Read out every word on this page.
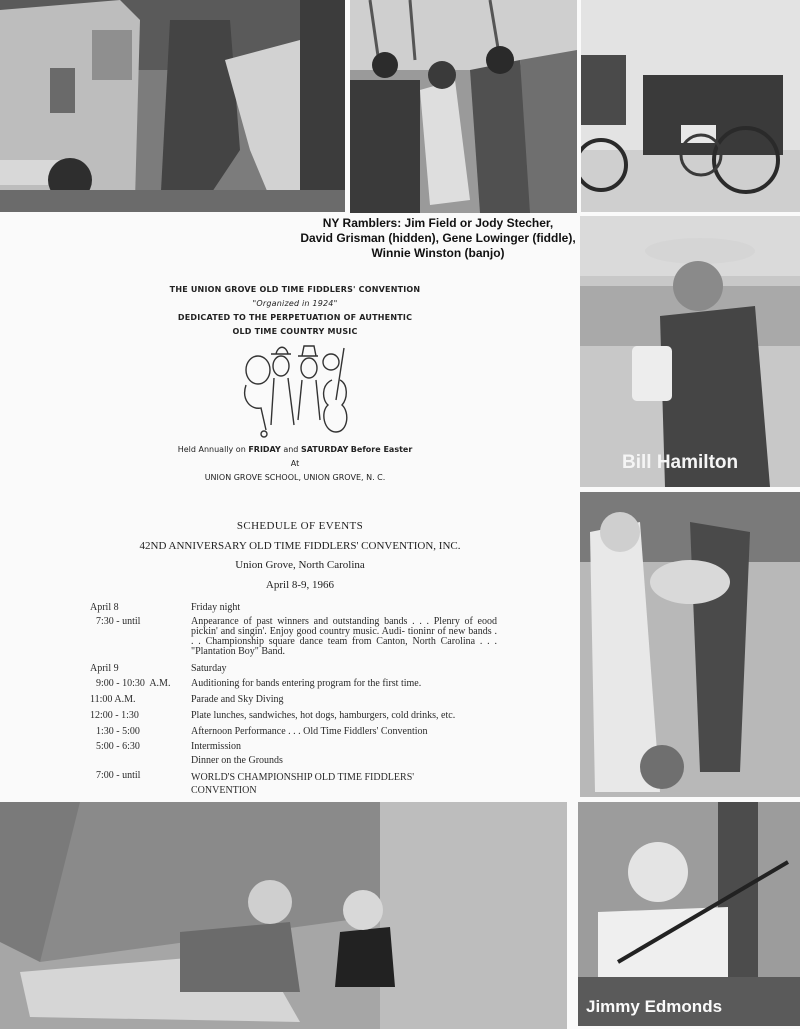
Bill Hamilton
Jimmy Edmonds
NY Ramblers: Jim Field or Jody Stecher,
David Grisman (hidden), Gene Lowinger (fiddle),
Winnie Winston (banjo)
THE UNION GROVE OLD TIME FIDDLERS' CONVENTION
"Organized in 1924"
DEDICATED TO THE PERPETUATION OF AUTHENTIC
OLD TIME COUNTRY MUSIC
Held Annually on FRIDAY and SATURDAY Before Easter
At
UNION GROVE SCHOOL, UNION GROVE, N. C.
SCHEDULE OF EVENTS
42ND ANNIVERSARY OLD TIME FIDDLERS' CONVENTION, INC.
Union Grove, North Carolina
April 8-9, 1966
April 8	Friday night
7:30 - until	Anpearance of past winners and outstanding bands . . . Plenry of eood pickin' and singin'. Enjoy good country music. Audi- tioninr of new bands . . . Championship square dance team from Canton, North Carolina . . . "Plantation Boy" Band.
April 9	Saturday
9:00 - 10:30  A.M.	Auditioning for bands entering program for the first time.
11:00 A.M.	Parade and Sky Diving
12:00 - 1:30	Plate lunches, sandwiches, hot dogs, hamburgers, cold drinks, etc.
1:30 - 5:00	Afternoon Performance . . . Old Time Fiddlers' Convention
5:00 - 6:30	Intermission
Dinner on the Grounds
7:00 - until	WORLD'S CHAMPIONSHIP OLD TIME FIDDLERS' CONVENTION
